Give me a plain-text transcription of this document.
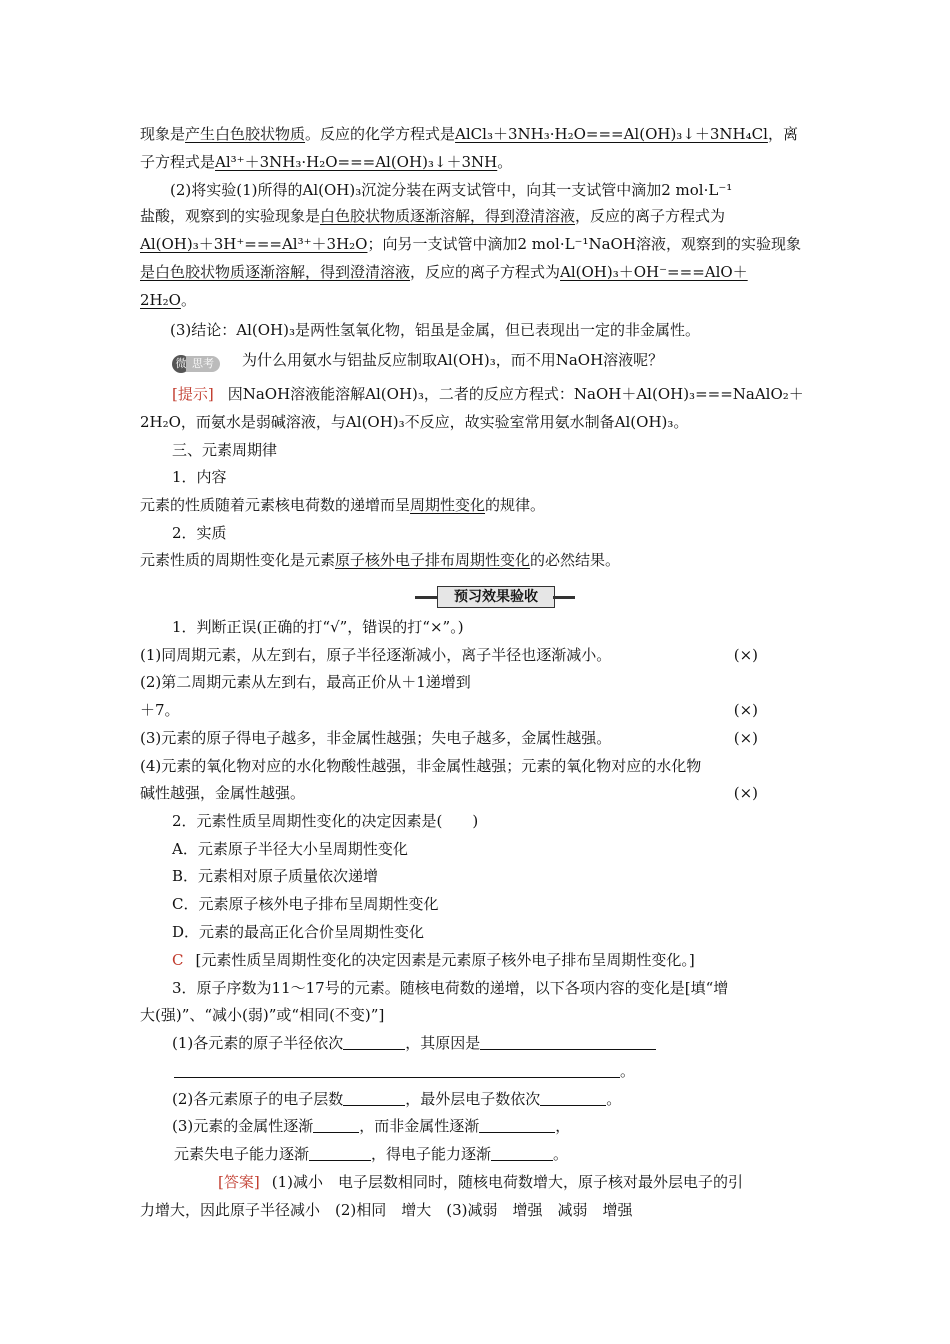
现象是产生白色胶状物质。反应的化学方程式是AlCl₃＋3NH₃·H₂O===Al(OH)₃↓＋3NH₄Cl，离
子方程式是Al³⁺＋3NH₃·H₂O===Al(OH)₃↓＋3NH。
(2)将实验(1)所得的Al(OH)₃沉淀分装在两支试管中，向其一支试管中滴加2 mol·L⁻¹
盐酸，观察到的实验现象是白色胶状物质逐渐溶解，得到澄清溶液，反应的离子方程式为
Al(OH)₃＋3H⁺===Al³⁺＋3H₂O；向另一支试管中滴加2 mol·L⁻¹NaOH溶液，观察到的实验现象
是白色胶状物质逐渐溶解，得到澄清溶液，反应的离子方程式为Al(OH)₃＋OH⁻===AlO＋
2H₂O。
(3)结论：Al(OH)₃是两性氢氧化物，铝虽是金属，但已表现出一定的非金属性。
微 思考 为什么用氨水与铝盐反应制取Al(OH)₃，而不用NaOH溶液呢？
[提示] 因NaOH溶液能溶解Al(OH)₃，二者的反应方程式：NaOH＋Al(OH)₃===NaAlO₂＋
2H₂O，而氨水是弱碱溶液，与Al(OH)₃不反应，故实验室常用氨水制备Al(OH)₃。
三、元素周期律
1．内容
元素的性质随着元素核电荷数的递增而呈周期性变化的规律。
2．实质
元素性质的周期性变化是元素原子核外电子排布周期性变化的必然结果。
预习效果验收
1．判断正误(正确的打“√”，错误的打“×”。)
(1)同周期元素，从左到右，原子半径逐渐减小，离子半径也逐渐减小。	(×)
(2)第二周期元素从左到右，最高正价从＋1递增到
＋7。	(×)
(3)元素的原子得电子越多，非金属性越强；失电子越多，金属性越强。	(×)
(4)元素的氧化物对应的水化物酸性越强，非金属性越强；元素的氧化物对应的水化物
碱性越强，金属性越强。	(×)
2．元素性质呈周期性变化的决定因素是(　　)
A．元素原子半径大小呈周期性变化
B．元素相对原子质量依次递增
C．元素原子核外电子排布呈周期性变化
D．元素的最高正化合价呈周期性变化
C [元素性质呈周期性变化的决定因素是元素原子核外电子排布呈周期性变化。]
3．原子序数为11～17号的元素。随核电荷数的递增，以下各项内容的变化是[填“增
大(强)”、“减小(弱)”或“相同(不变)”]
(1)各元素的原子半径依次	，其原因是
。
(2)各元素原子的电子层数	，最外层电子数依次	。
(3)元素的金属性逐渐	，而非金属性逐渐	，
元素失电子能力逐渐	，得电子能力逐渐	。
[答案] (1)减小　电子层数相同时，随核电荷数增大，原子核对最外层电子的引
力增大，因此原子半径减小　(2)相同　增大　(3)减弱　增强　减弱　增强
